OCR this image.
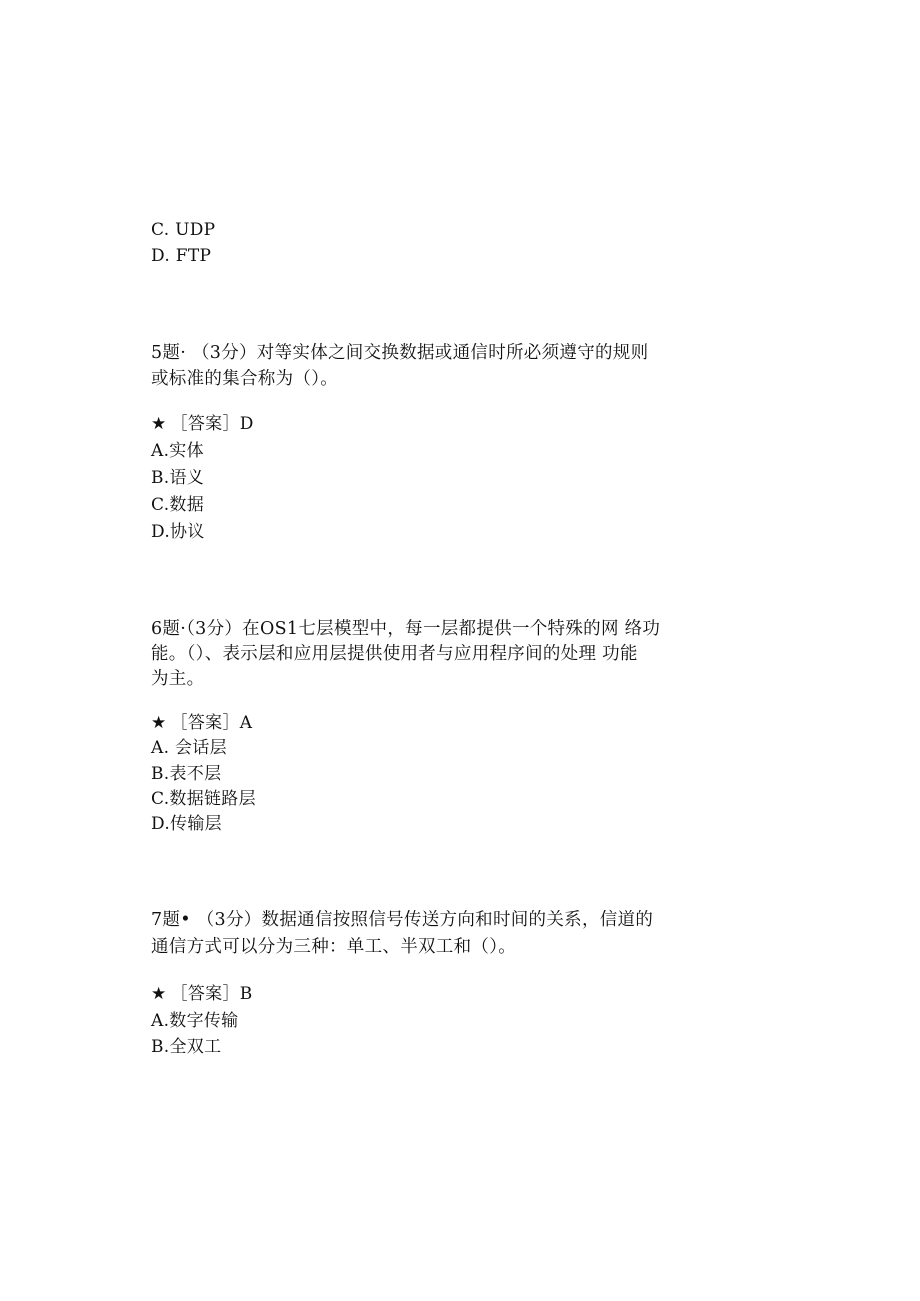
C. UDP
D. FTP
5题· （3分）对等实体之间交换数据或通信时所必须遵守的规则
或标准的集合称为（）。
★ ［答案］D
A.实体
B.语义
C.数据
D.协议
6题·（3分）在OS1七层模型中，每一层都提供一个特殊的网 络功
能。（）、表示层和应用层提供使用者与应用程序间的处理 功能
为主。
★ ［答案］A
A. 会话层
B.表不层
C.数据链路层
D.传输层
7题• （3分）数据通信按照信号传送方向和时间的关系，信道的
通信方式可以分为三种：单工、半双工和（）。
★ ［答案］B
A.数字传输
B.全双工
